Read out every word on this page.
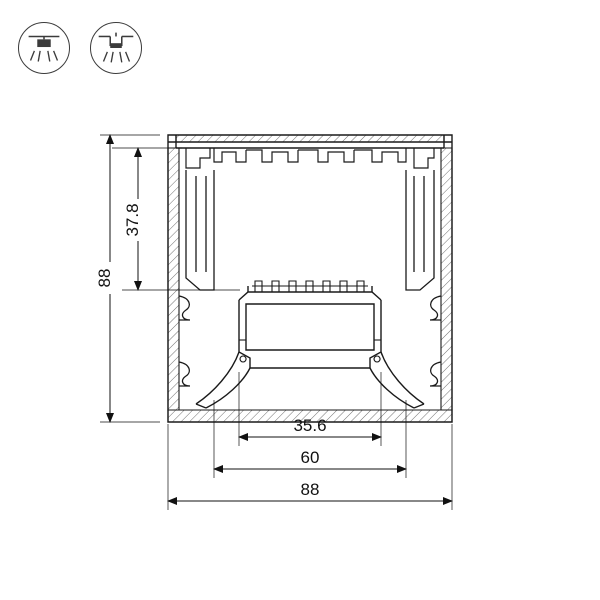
37.8
88
35.6
60
88
